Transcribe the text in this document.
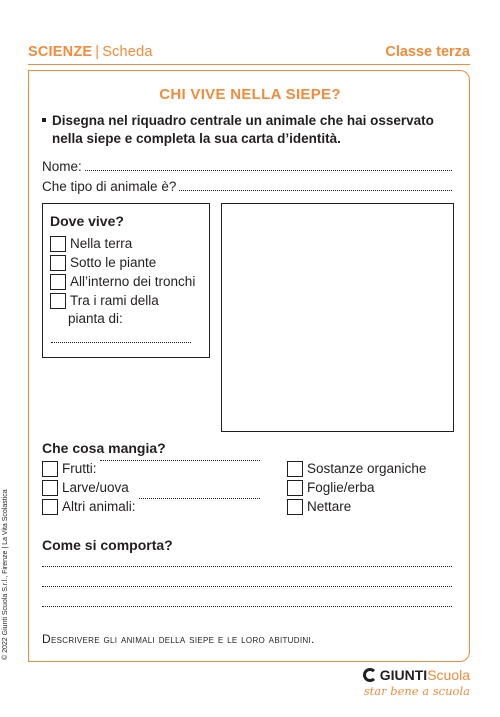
SCIENZE | Scheda	Classe terza
CHI VIVE NELLA SIEPE?
Disegna nel riquadro centrale un animale che hai osservato nella siepe e completa la sua carta d’identità.
Nome:
Che tipo di animale è?
Dove vive?
Nella terra
Sotto le piante
All’interno dei tronchi
Tra i rami della
pianta di:
Che cosa mangia?
Frutti:
Larve/uova
Altri animali:
Sostanze organiche
Foglie/erba
Nettare
Come si comporta?
Descrivere gli animali della siepe e le loro abitudini.
© 2022 Giunti Scuola S.r.l., Firenze | La Vita Scolastica
GIUNTI Scuola
star bene a scuola
